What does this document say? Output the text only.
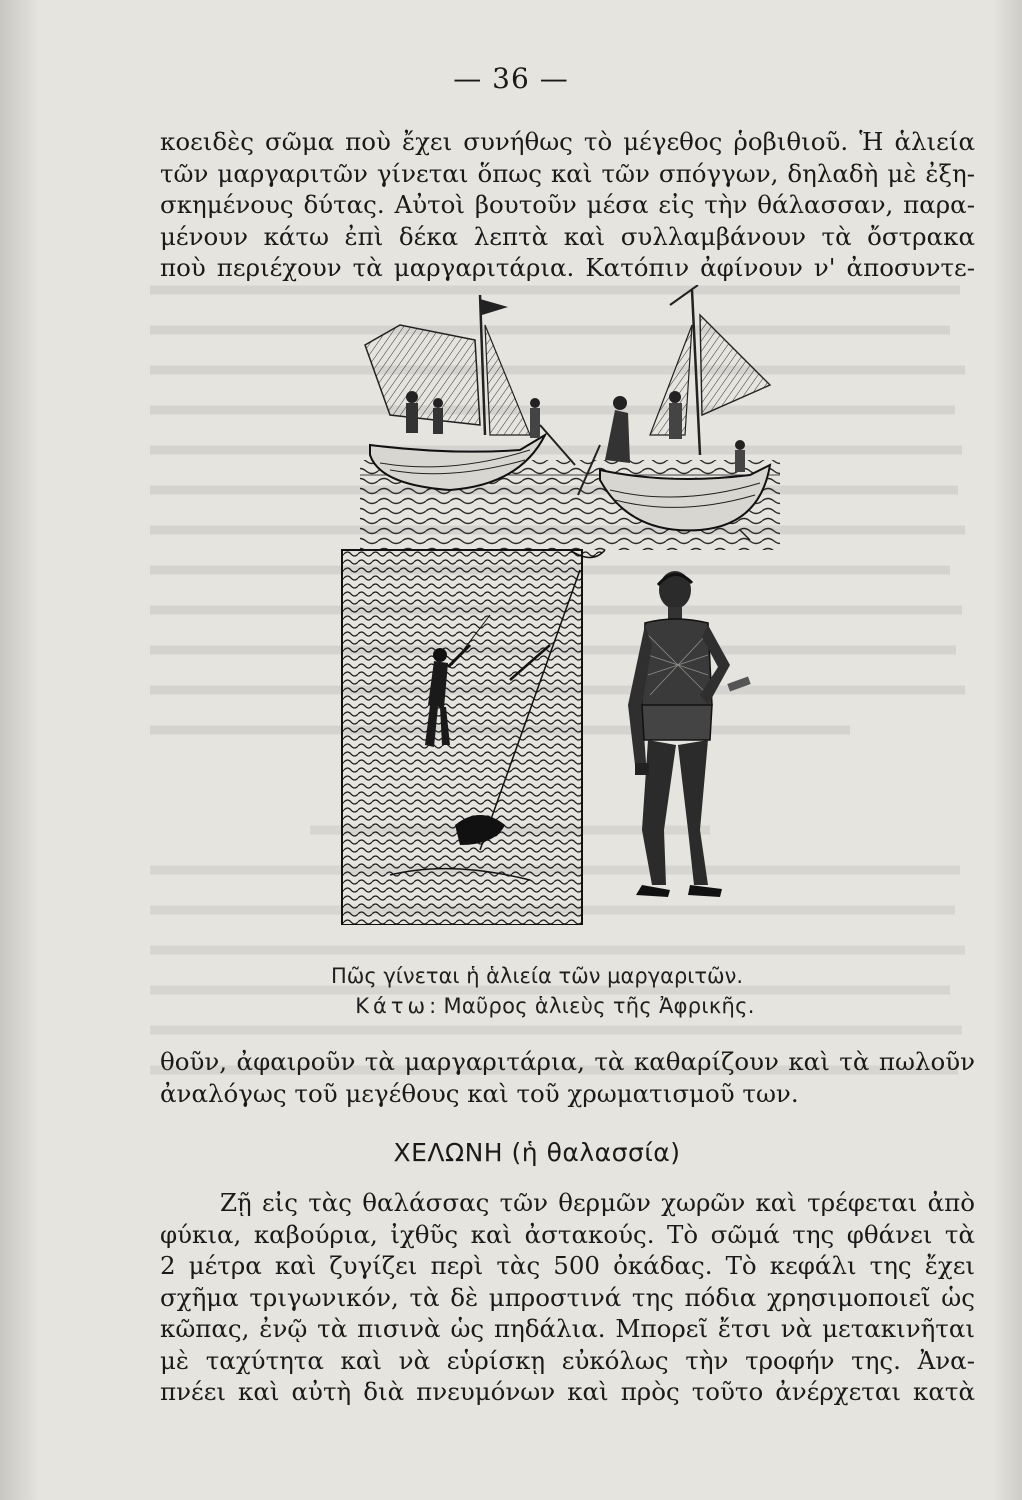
— 36 —
κοειδὲς σῶμα ποὺ ἔχει συνήθως τὸ μέγεθος ῥοβιθιοῦ. Ἡ ἁλιεία
τῶν μαργαριτῶν γίνεται ὅπως καὶ τῶν σπόγγων, δηλαδὴ μὲ ἐξη-
σκημένους δύτας. Αὐτοὶ βουτοῦν μέσα εἰς τὴν θάλασσαν, παρα-
μένουν κάτω ἐπὶ δέκα λεπτὰ καὶ συλλαμβάνουν τὰ ὄστρακα
ποὺ περιέχουν τὰ μαργαριτάρια. Κατόπιν ἀφίνουν ν' ἀποσυντε-
Πῶς γίνεται ἡ ἁλιεία τῶν μαργαριτῶν.
Κάτω: Μαῦρος ἁλιεὺς τῆς Ἀφρικῆς.
θοῦν, ἀφαιροῦν τὰ μαργαριτάρια, τὰ καθαρίζουν καὶ τὰ πωλοῦν
ἀναλόγως τοῦ μεγέθους καὶ τοῦ χρωματισμοῦ των.
ΧΕΛΩΝΗ (ἡ θαλασσία)
Ζῇ εἰς τὰς θαλάσσας τῶν θερμῶν χωρῶν καὶ τρέφεται ἀπὸ
φύκια, καβούρια, ἰχθῦς καὶ ἀστακούς. Τὸ σῶμά της φθάνει τὰ
2 μέτρα καὶ ζυγίζει περὶ τὰς 500 ὀκάδας. Τὸ κεφάλι της ἔχει
σχῆμα τριγωνικόν, τὰ δὲ μπροστινά της πόδια χρησιμοποιεῖ ὡς
κῶπας, ἐνῷ τὰ πισινὰ ὡς πηδάλια. Μπορεῖ ἔτσι νὰ μετακινῆται
μὲ ταχύτητα καὶ νὰ εὑρίσκῃ εὐκόλως τὴν τροφήν της. Ἀνα-
πνέει καὶ αὐτὴ διὰ πνευμόνων καὶ πρὸς τοῦτο ἀνέρχεται κατὰ
